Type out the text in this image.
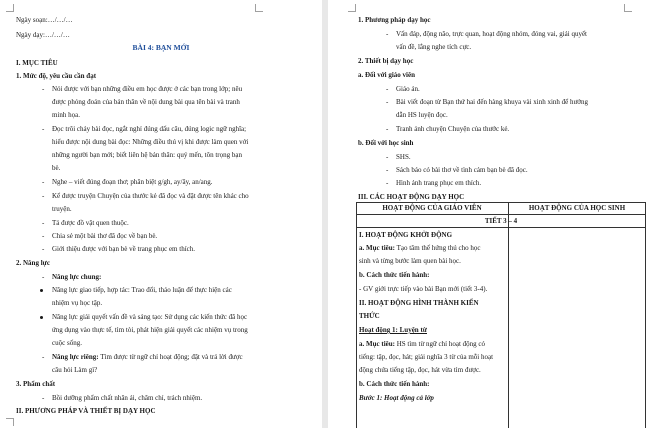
Ngày soạn:…/…/…
Ngày dạy:…/…/…
BÀI 4: BẠN MỚI
I. MỤC TIÊU
1. Mức độ, yêu cầu cần đạt
- Nói được với bạn những điều em học được ở các bạn trong lớp; nêu
được phỏng đoán của bản thân về nội dung bài qua tên bài và tranh
minh họa.
- Đọc trôi chảy bài đọc, ngắt nghỉ đúng dấu câu, đúng logic ngữ nghĩa;
hiểu được nội dung bài đọc: Những điều thú vị khi được làm quen với
những người bạn mới; biết liên hệ bản thân: quý mến, tôn trọng bạn
bè.
- Nghe – viết đúng đoạn thơ; phân biệt g/gh, ay/ây, an/ang.
- Kể được truyện Chuyện của thước kẻ đã đọc và đặt được tên khác cho
truyện.
- Tả được đồ vật quen thuộc.
- Chia sẻ một bài thơ đã đọc về bạn bè.
- Giới thiệu được với bạn bè về trang phục em thích.
2. Năng lực
- Năng lực chung:
Năng lực giao tiếp, hợp tác: Trao đổi, thảo luận để thực hiện các
nhiệm vụ học tập.
Năng lực giải quyết vấn đề và sáng tạo: Sử dụng các kiến thức đã học
ứng dụng vào thực tế, tìm tòi, phát hiện giải quyết các nhiệm vụ trong
cuộc sống.
- Năng lực riêng: Tìm được từ ngữ chỉ hoạt động; đặt và trả lời được
câu hỏi Làm gì?
3. Phẩm chất
- Bồi dưỡng phẩm chất nhân ái, chăm chỉ, trách nhiệm.
II. PHƯƠNG PHÁP VÀ THIẾT BỊ DẠY HỌC
1. Phương pháp dạy học
- Vấn đáp, động não, trực quan, hoạt động nhóm, đóng vai, giải quyết
vấn đề, lắng nghe tích cực.
2. Thiết bị dạy học
a. Đối với giáo viên
- Giáo án.
- Bài viết đoạn từ Bạn thứ hai đến hàng khuya vài xinh xinh để hướng
dẫn HS luyện đọc.
- Tranh ảnh chuyện Chuyện của thước kẻ.
b. Đối với học sinh
- SHS.
- Sách báo có bài thơ về tình cảm bạn bè đã đọc.
- Hình ảnh trang phục em thích.
III. CÁC HOẠT ĐỘNG DẠY HỌC
HOẠT ĐỘNG CỦA GIÁO VIÊN	HOẠT ĐỘNG CỦA HỌC SINH
TIẾT 3 – 4
I. HOẠT ĐỘNG KHỞI ĐỘNG
a. Mục tiêu: Tạo tâm thế hứng thú cho học
sinh và từng bước làm quen bài học.
b. Cách thức tiến hành:
- GV giới trực tiếp vào bài Bạn mới (tiết 3-4).
II. HOẠT ĐỘNG HÌNH THÀNH KIẾN
THỨC
Hoạt động 1: Luyện từ
a. Mục tiêu: HS tìm từ ngữ chỉ hoạt động có
tiếng: tập, đọc, hát; giải nghĩa 3 từ của mỗi hoạt
động chứa tiếng tập, đọc, hát vừa tìm được.
b. Cách thức tiến hành:
Bước 1: Hoạt động cả lớp
